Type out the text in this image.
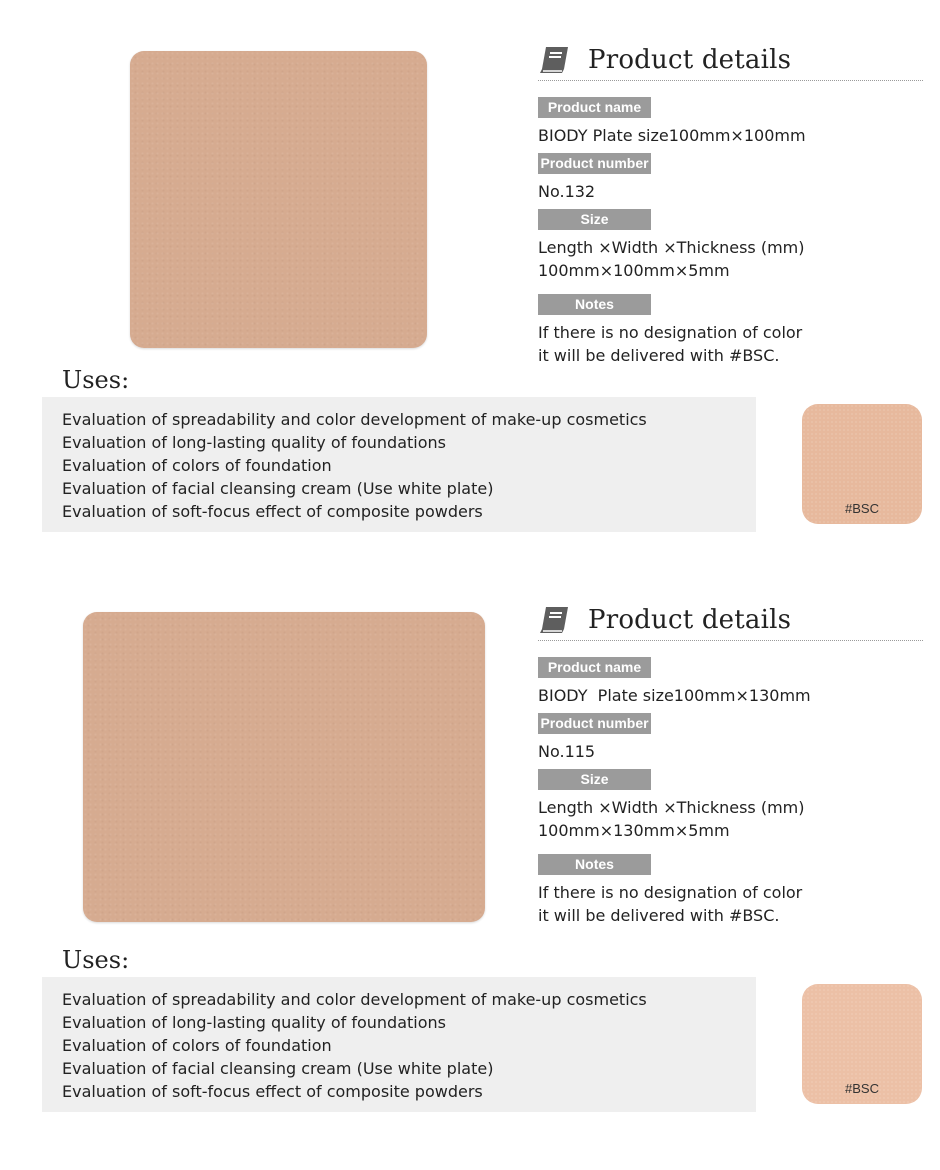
Product details
Product name
BIODY Plate size100mm×100mm
Product number
No.132
Size
Length ×Width ×Thickness (mm)
100mm×100mm×5mm
Notes
If there is no designation of color
it will be delivered with #BSC.
Uses:
Evaluation of spreadability and color development of make-up cosmetics
Evaluation of long-lasting quality of foundations
Evaluation of colors of foundation
Evaluation of facial cleansing cream (Use white plate)
Evaluation of soft-focus effect of composite powders	#BSC
Product details
Product name
BIODY  Plate size100mm×130mm
Product number
No.115
Size
Length ×Width ×Thickness (mm)
100mm×130mm×5mm
Notes
If there is no designation of color
it will be delivered with #BSC.
Uses:
Evaluation of spreadability and color development of make-up cosmetics
Evaluation of long-lasting quality of foundations
Evaluation of colors of foundation
Evaluation of facial cleansing cream (Use white plate)
Evaluation of soft-focus effect of composite powders	#BSC
